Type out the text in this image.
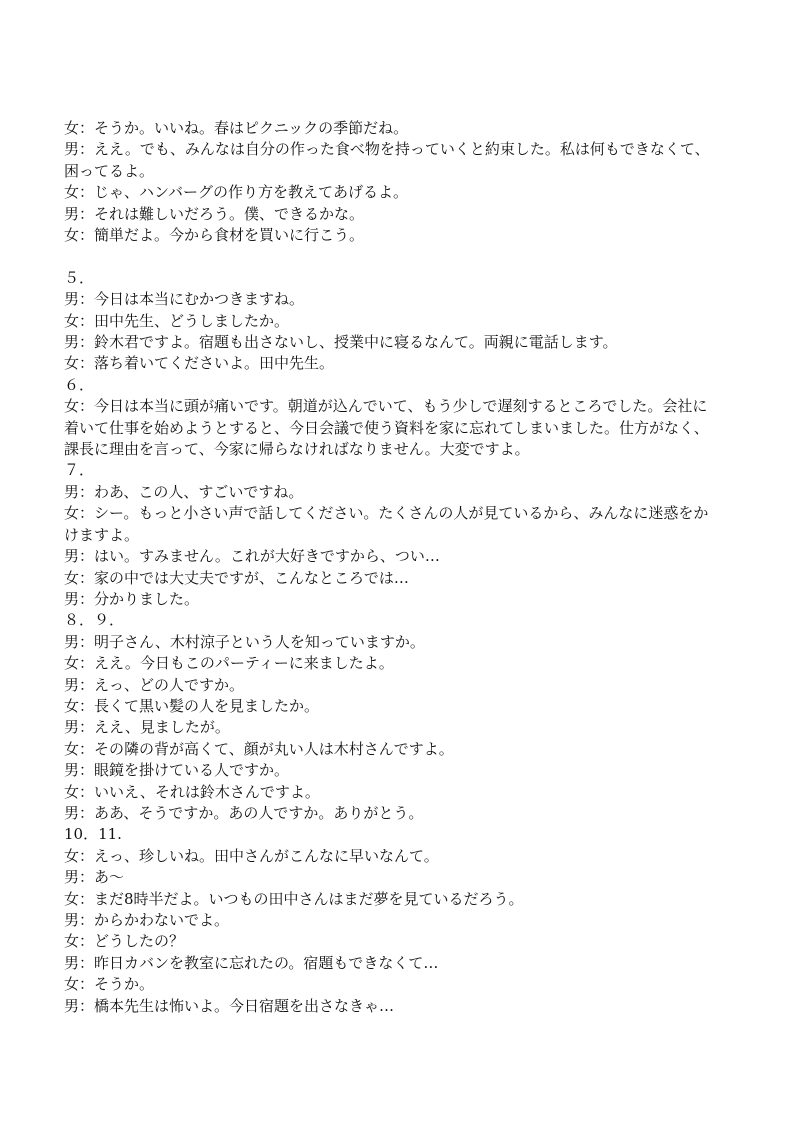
女：そうか。いいね。春はピクニックの季節だね。

男：ええ。でも、みんなは自分の作った食べ物を持っていくと約束した。私は何もできなくて、

困ってるよ。

女：じゃ、ハンバーグの作り方を教えてあげるよ。

男：それは難しいだろう。僕、できるかな。

女：簡単だよ。今から食材を買いに行こう。

５．

男：今日は本当にむかつきますね。

女：田中先生、どうしましたか。

男：鈴木君ですよ。宿題も出さないし、授業中に寝るなんて。両親に電話します。

女：落ち着いてくださいよ。田中先生。

６．

女：今日は本当に頭が痛いです。朝道が込んでいて、もう少しで遅刻するところでした。会社に

着いて仕事を始めようとすると、今日会議で使う資料を家に忘れてしまいました。仕方がなく、

課長に理由を言って、今家に帰らなければなりません。大変ですよ。

７．

男：わあ、この人、すごいですね。

女：シー。もっと小さい声で話してください。たくさんの人が見ているから、みんなに迷惑をか

けますよ。

男：はい。すみません。これが大好きですから、つい…

女：家の中では大丈夫ですが、こんなところでは…

男：分かりました。

８．９．

男：明子さん、木村涼子という人を知っていますか。

女：ええ。今日もこのパーティーに来ましたよ。

男：えっ、どの人ですか。

女：長くて黒い髪の人を見ましたか。

男：ええ、見ましたが。

女：その隣の背が高くて、顔が丸い人は木村さんですよ。

男：眼鏡を掛けている人ですか。

女：いいえ、それは鈴木さんですよ。

男：ああ、そうですか。あの人ですか。ありがとう。

10．11.

女：えっ、珍しいね。田中さんがこんなに早いなんて。

男：あ～

女：まだ8時半だよ。いつもの田中さんはまだ夢を見ているだろう。

男：からかわないでよ。

女：どうしたの？

男：昨日カバンを教室に忘れたの。宿題もできなくて…

女：そうか。

男：橋本先生は怖いよ。今日宿題を出さなきゃ…
